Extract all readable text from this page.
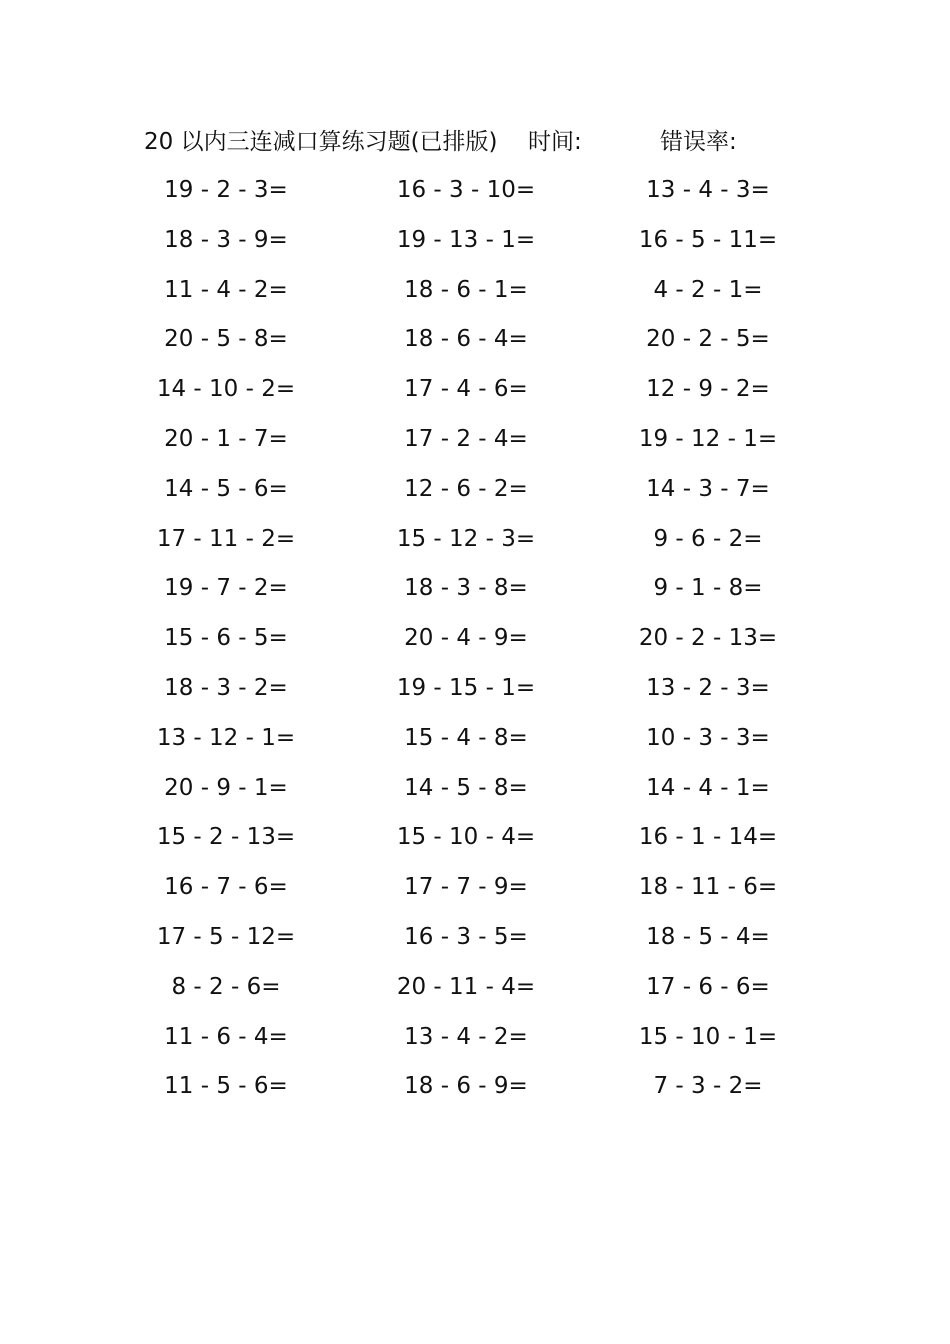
20 以内三连减口算练习题(已排版) 时间:	错误率:
19 - 2 - 3=	16 - 3 - 10=	13 - 4 - 3=
18 - 3 - 9=	19 - 13 - 1=	16 - 5 - 11=
11 - 4 - 2=	18 - 6 - 1=	4 - 2 - 1=
20 - 5 - 8=	18 - 6 - 4=	20 - 2 - 5=
14 - 10 - 2=	17 - 4 - 6=	12 - 9 - 2=
20 - 1 - 7=	17 - 2 - 4=	19 - 12 - 1=
14 - 5 - 6=	12 - 6 - 2=	14 - 3 - 7=
17 - 11 - 2=	15 - 12 - 3=	9 - 6 - 2=
19 - 7 - 2=	18 - 3 - 8=	9 - 1 - 8=
15 - 6 - 5=	20 - 4 - 9=	20 - 2 - 13=
18 - 3 - 2=	19 - 15 - 1=	13 - 2 - 3=
13 - 12 - 1=	15 - 4 - 8=	10 - 3 - 3=
20 - 9 - 1=	14 - 5 - 8=	14 - 4 - 1=
15 - 2 - 13=	15 - 10 - 4=	16 - 1 - 14=
16 - 7 - 6=	17 - 7 - 9=	18 - 11 - 6=
17 - 5 - 12=	16 - 3 - 5=	18 - 5 - 4=
8 - 2 - 6=	20 - 11 - 4=	17 - 6 - 6=
11 - 6 - 4=	13 - 4 - 2=	15 - 10 - 1=
11 - 5 - 6=	18 - 6 - 9=	7 - 3 - 2=
